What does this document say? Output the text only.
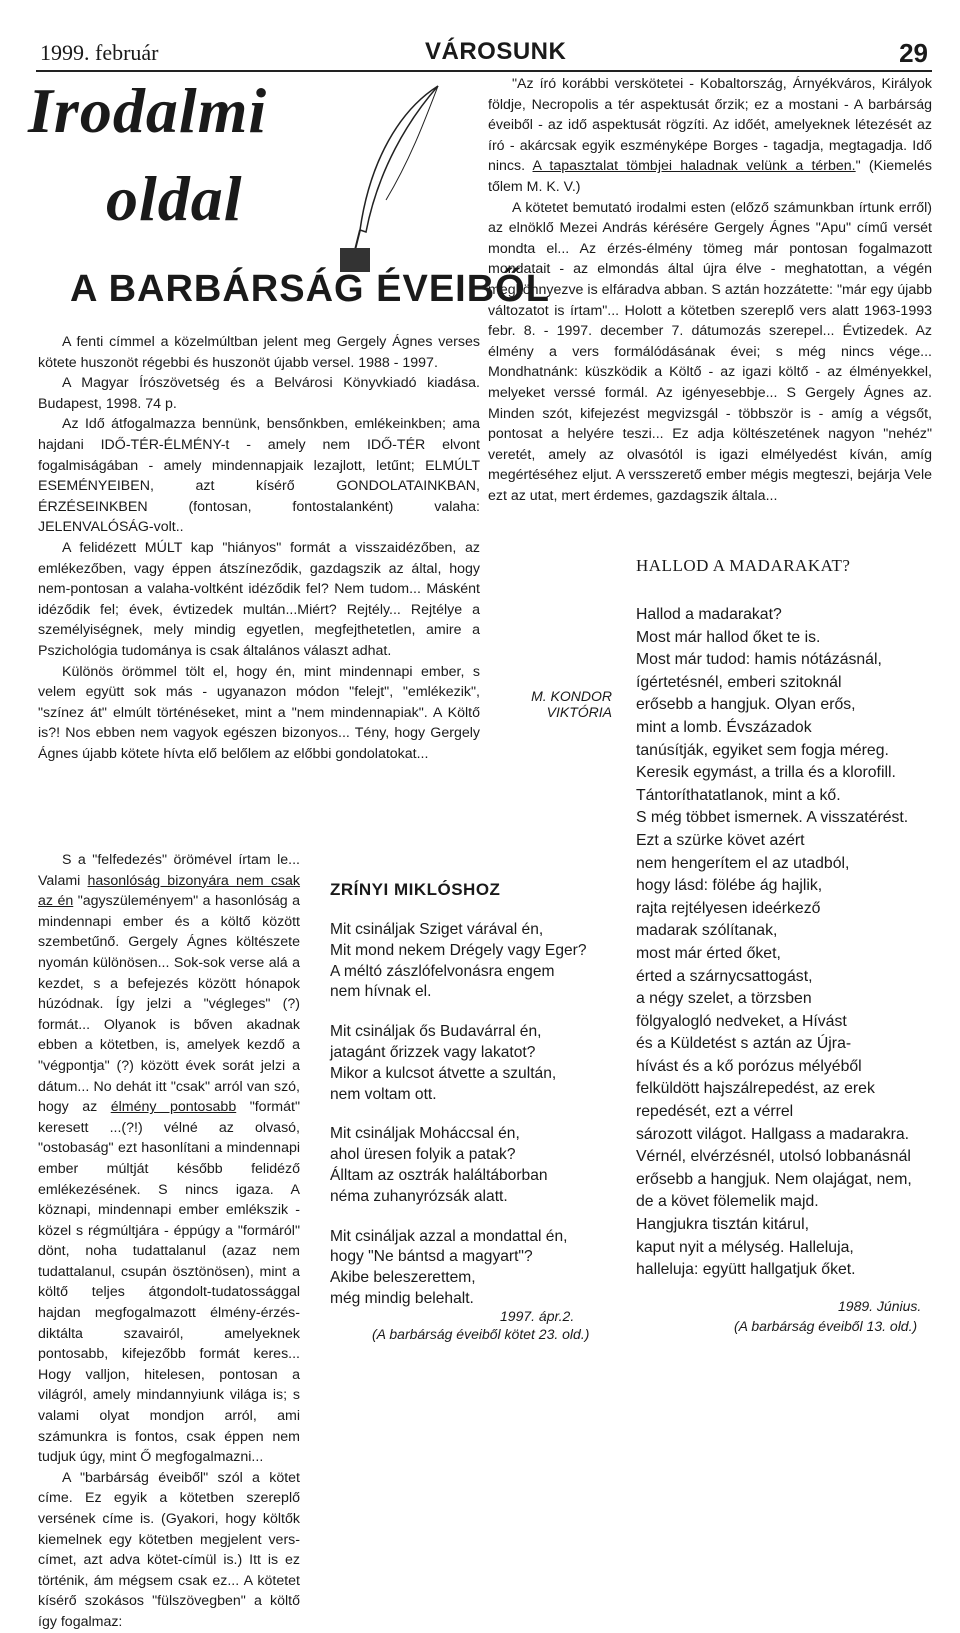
1999. február	VÁROSUNK	29
Irodalmi
oldal
A BARBÁRSÁG ÉVEIBŐL

A fenti címmel a közelmúltban jelent meg Gergely Ágnes verses kötete huszonöt régebbi és huszonöt újabb versel. 1988 - 1997.

A Magyar Írószövetség és a Belvárosi Könyvkiadó kiadása. Budapest, 1998. 74 p.

Az Idő átfogalmazza bennünk, bensőnkben, emlékeinkben; ama hajdani IDŐ-TÉR-ÉLMÉNY-t - amely nem IDŐ-TÉR elvont fogalmiságában - amely mindennapjaik lezajlott, letűnt; ELMÚLT ESEMÉNYEIBEN, azt kísérő GONDOLATAINKBAN, ÉRZÉSEINKBEN (fontosan, fontostalanként) valaha: JELENVALÓSÁG-volt..

A felidézett MÚLT kap "hiányos" formát a visszaidézőben, az emlékezőben, vagy éppen átszíneződik, gazdagszik az által, hogy nem-pontosan a valaha-voltként idéződik fel? Nem tudom... Másként idéződik fel; évek, évtizedek multán...Miért? Rejtély... Rejtélye a személyiségnek, mely mindig egyetlen, megfejthetetlen, amire a Pszichológia tudománya is csak általános választ adhat.

Különös örömmel tölt el, hogy én, mint mindennapi ember, s velem együtt sok más - ugyanazon módon "felejt", "emlékezik", "színez át" elmúlt történéseket, mint a "nem mindennapiak". A Költő is?! Nos ebben nem vagyok egészen bizonyos... Tény, hogy Gergely Ágnes újabb kötete hívta elő belőlem az előbbi gondolatokat...

S a "felfedezés" örömével írtam le... Valami hasonlóság bizonyára nem csak az én "agyszüleményem" a hasonlóság a mindennapi ember és a költő között szembetűnő. Gergely Ágnes költészete nyomán különösen... Sok-sok verse alá a kezdet, s a befejezés között hónapok húzódnak. Így jelzi a "végleges" (?) formát... Olyanok is bőven akadnak ebben a kötetben, is, amelyek kezdő a "végpontja" (?) között évek sorát jelzi a dátum... No dehát itt "csak" arról van szó, hogy az élmény pontosabb "formát" keresett ...(?!) vélné az olvasó, "ostobaság" ezt hasonlítani a mindennapi ember múltját később felidéző emlékezésének. S nincs igaza. A köznapi, mindennapi ember emlékszik - közel s régmúltjára - éppúgy a "formáról" dönt, noha tudattalanul (azaz nem tudattalanul, csupán ösztönösen), mint a költő teljes átgondolt-tudatossággal hajdan megfogalmazott élmény-érzés-diktálta szavairól, amelyeknek pontosabb, kifejezőbb formát keres... Hogy valljon, hitelesen, pontosan a világról, amely mindannyiunk világa is; s valami olyat mondjon arról, ami számunkra is fontos, csak éppen nem tudjuk úgy, mint Ő megfogalmazni...

A "barbárság éveiből" szól a kötet címe. Ez egyik a kötetben szereplő versének címe is. (Gyakori, hogy költők kiemelnek egy kötetben megjelent vers-címet, azt adva kötet-címül is.) Itt is ez történik, ám mégsem csak ez... A kötetet kísérő szokásos "fülszövegben" a költő így fogalmaz:

"Az író korábbi verskötetei - Kobaltország, Árnyékváros, Királyok földje, Necropolis a tér aspektusát őrzik; ez a mostani - A barbárság éveiből - az idő aspektusát rögzíti. Az időét, amelyeknek létezését az író - akárcsak egyik eszményképe Borges - tagadja, megtagadja. Idő nincs. A tapasztalat tömbjei haladnak velünk a térben." (Kiemelés tőlem M. K. V.)

A kötetet bemutató irodalmi esten (előző számunkban írtunk erről) az elnöklő Mezei András kérésére Gergely Ágnes "Apu" című versét mondta el... Az érzés-élmény tömeg már pontosan fogalmazott mondatait - az elmondás által újra élve - meghatottan, a végén megkönnyezve is elfáradva abban. S aztán hozzátette: "már egy újabb változatot is írtam"... Holott a kötetben szereplő vers alatt 1963-1993 febr. 8. - 1997. december 7. dátumozás szerepel... Évtizedek. Az élmény a vers formálódásának évei; s még nincs vége... Mondhatnánk: küszködik a Költő - az igazi költő - az élményekkel, melyeket verssé formál. Az igényesebbje... S Gergely Ágnes az. Minden szót, kifejezést megvizsgál - többször is - amíg a végsőt, pontosat a helyére teszi... Ez adja költészetének nagyon "nehéz" veretét, amely az olvasótól is igazi elmélyedést kíván, amíg megértéséhez eljut. A versszerető ember mégis megteszi, bejárja Vele ezt az utat, mert érdemes, gazdagszik általa...

M. KONDOR VIKTÓRIA
ZRÍNYI MIKLÓSHOZ
Mit csináljak Sziget várával én,
Mit mond nekem Drégely vagy Eger?
A méltó zászlófelvonásra engem
nem hívnak el.
Mit csináljak ős Budavárral én,
jatagánt őrizzek vagy lakatot?
Mikor a kulcsot átvette a szultán,
nem voltam ott.
Mit csináljak Moháccsal én,
ahol üresen folyik a patak?
Álltam az osztrák haláltáborban
néma zuhanyrózsák alatt.
Mit csináljak azzal a mondattal én,
hogy "Ne bántsd a magyart"?
Akibe beleszerettem,
még mindig belehalt.
1997. ápr.2.
(A barbárság éveiből kötet 23. old.)
HALLOD A MADARAKAT?
Hallod a madarakat?
Most már hallod őket te is.
Most már tudod: hamis nótázásnál,
ígértetésnél, emberi szitoknál
erősebb a hangjuk. Olyan erős,
mint a lomb. Évszázadok
tanúsítják, egyiket sem fogja méreg.
Keresik egymást, a trilla és a klorofill.
Tántoríthatatlanok, mint a kő.
S még többet ismernek. A visszatérést.
Ezt a szürke követ azért
nem hengerítem el az utadból,
hogy lásd: fölébe ág hajlik,
rajta rejtélyesen ideérkező
madarak szólítanak,
most már érted őket,
érted a szárnycsattogást,
a négy szelet, a törzsben
fölgyalogló nedveket, a Hívást
és a Küldetést s aztán az Újra-
hívást és a kő porózus mélyéből
felküldött hajszálrepedést, az erek
repedését, ezt a vérrel
sározott világot. Hallgass a madarakra.
Vérnél, elvérzésnél, utolsó lobbanásnál
erősebb a hangjuk. Nem olajágat, nem,
de a követ fölemelik majd.
Hangjukra tisztán kitárul,
kaput nyit a mélység. Halleluja,
halleluja: együtt hallgatjuk őket.
1989. Június.
(A barbárság éveiből 13. old.)
